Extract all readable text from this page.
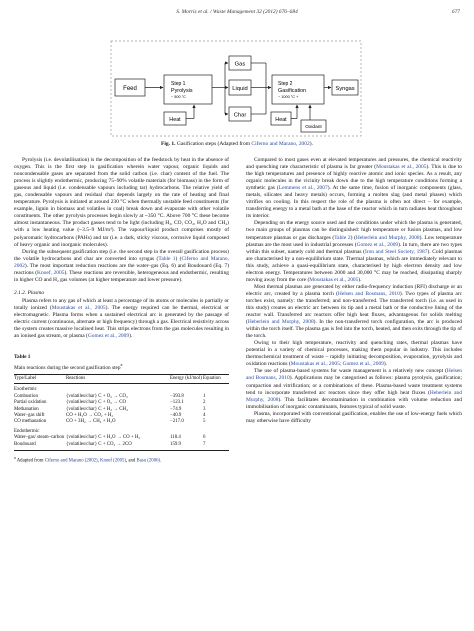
S. Morris et al. / Waste Management 32 (2012) 676–684	677
Feed
Step 1
Pyrolysis
~ 500 °C
Gas
Liquid
Char
Heat
Step 2
Gasification
~ 1000 °C +
Heat
Oxidant
Syngas
Fig. 1. Gasification steps (Adapted from Ciferno and Marano, 2002).

Pyrolysis (i.e. devolatilisation) is the decomposition of the feedstock by heat in the absence of oxygen. This is the first step in gasification wherein water vapour, organic liquids and noncondensable gases are separated from the solid carbon (i.e. char) content of the fuel. The process is slightly endothermic, producing 75–90% volatile materials (for biomass) in the form of gaseous and liquid (i.e. condensable vapours including tar) hydrocarbons. The relative yield of gas, condensable vapours and residual char depends largely on the rate of heating and final temperature. Pyrolysis is initiated at around 230 °C when thermally unstable feed constituents (for example, lignin in biomass and volatiles in coal) break down and evaporate with other volatile constituents. The other pyrolysis processes begin slowly at ~350 °C. Above 700 °C these become almost instantaneous. The product gasses tend to be light (including H₂, CO, CO₂, H₂O and CH₄) with a low heating value (~3.5–9 MJ/m³). The vapour/liquid product comprises mostly of polyaromatic hydrocarbons (PAHs) and tar (i.e. a dark, sticky viscous, corrosive liquid composed of heavy organic and inorganic molecules).

During the subsequent gasification step (i.e. the second step in the overall gasification process) the volatile hydrocarbons and char are converted into syngas (Table 1) (Ciferno and Marano, 2002). The most important reduction reactions are the water–gas (Eq. 6) and Boudouard (Eq. 7) reactions (Knoef, 2005). These reactions are reversible, heterogeneous and endothermic, resulting in higher CO and H₂ gas volumes (at higher temperature and lower pressure).

2.1.2. Plasma

Plasma refers to any gas of which at least a percentage of its atoms or molecules is partially or totally ionized (Moustakas et al., 2005). The energy required can be thermal, electrical or electromagnetic. Plasma forms when a sustained electrical arc is generated by the passage of electric current (continuous, alternate or high frequency) through a gas. Electrical resistivity across the system creates massive localised heat. This strips electrons from the gas molecules resulting in an ionised gas stream, or plasma (Gomez et al., 2009).

Table 1
Main reactions during the second gasification step$^a$
Type/Label	Reactions	Energy (kJ/mol)	Equation
Exothermic			
Combustion	{volatiles/char} C + O₂ → CO₂	−393.8	1
Partial oxidation	{volatiles/char} C + O₂ → CO	−123.1	2
Methanation	{volatiles/char} C + H₂ → CH₄	−74.9	3
Water–gas shift	CO + H₂O → CO₂ + H₂	−40.9	4
CO methanation	CO + 3H₂ → CH₄ + H₂O	−217.0	5
Endothermic			
Water–gas/ steam–carbon	{volatiles/char} C + H₂O → CO + H₂	118.4	6
Boudouard	{volatiles/char} C + CO₂ → 2CO	159.9	7
$^a$ Adapted from Ciferno and Marano (2002), Knoef (2005), and Basu (2006).

Compared to most gases even at elevated temperatures and pressures, the chemical reactivity and quenching rate characteristic of plasma is far greater (Moustakas et al., 2005). This is due to the high temperatures and presence of highly reactive atomic and ionic species. As a result, any organic molecules in the vicinity break down due to the high temperature conditions forming a synthetic gas (Lemmens et al., 2007). At the same time, fusion of inorganic components (glass, metals, silicates and heavy metals) occurs, forming a molten slag (and metal phases) which vitrifies on cooling. In this respect the role of the plasma is often not direct – for example, transferring energy to a metal bath at the base of the reactor which in turn radiates heat throughout its interior.

Depending on the energy source used and the conditions under which the plasma is generated, two main groups of plasmas can be distinguished: high temperature or fusion plasmas, and low temperature plasmas or gas discharges (Table 2) (Heberlein and Murphy, 2008). Low temperature plasmas are the most used in industrial processes (Gomez et al., 2009). In turn, there are two types within this subset, namely cold and thermal plasmas (Iron and Steel Society, 1987). Cold plasmas are characterised by a non-equilibrium state. Thermal plasmas, which are immediately relevant to this study, achieve a quasi-equilibrium state, characterised by high electron density and low electron energy. Temperatures between 2000 and 30,000 °C may be reached, dissipating sharply moving away from the core (Moustakas et al., 2005).

Most thermal plasmas are generated by either radio-frequency induction (RFI) discharge or an electric arc, created by a plasma torch (Helsen and Bosmans, 2010). Two types of plasma arc torches exist, namely: the transferred; and non-transferred. The transferred torch (i.e. as used in this study) creates an electric arc between its tip and a metal bath or the conductive lining of the reactor wall. Transferred arc reactors offer high heat fluxes, advantageous for solids melting (Heberlein and Murphy, 2008). In the non-transferred torch configuration, the arc is produced within the torch itself. The plasma gas is fed into the torch, heated, and then exits through the tip of the torch.

Owing to their high temperature, reactivity and quenching rates, thermal plasmas have potential in a variety of chemical processes, making them popular in industry. This includes thermochemical treatment of waste – rapidly initiating decomposition, evaporation, pyrolysis and oxidation reactions (Moustakas et al., 2005; Gomez et al., 2009).

The use of plasma-based systems for waste management is a relatively new concept (Helsen and Bosmans, 2010). Applications may be categorised as follows: plasma pyrolysis, gasification; compaction and vitrification; or a combinations of these. Plasma-based waste treatment systems tend to incorporate transferred arc reactors since they offer high heat fluxes (Heberlein and Murphy, 2008). This facilitates decontamination in combination with volume reduction and immobilisation of inorganic contaminants, features typical of solid waste.

Plasma, incorporated with conventional gasification, enables the use of low-energy fuels which may otherwise have difficulty
